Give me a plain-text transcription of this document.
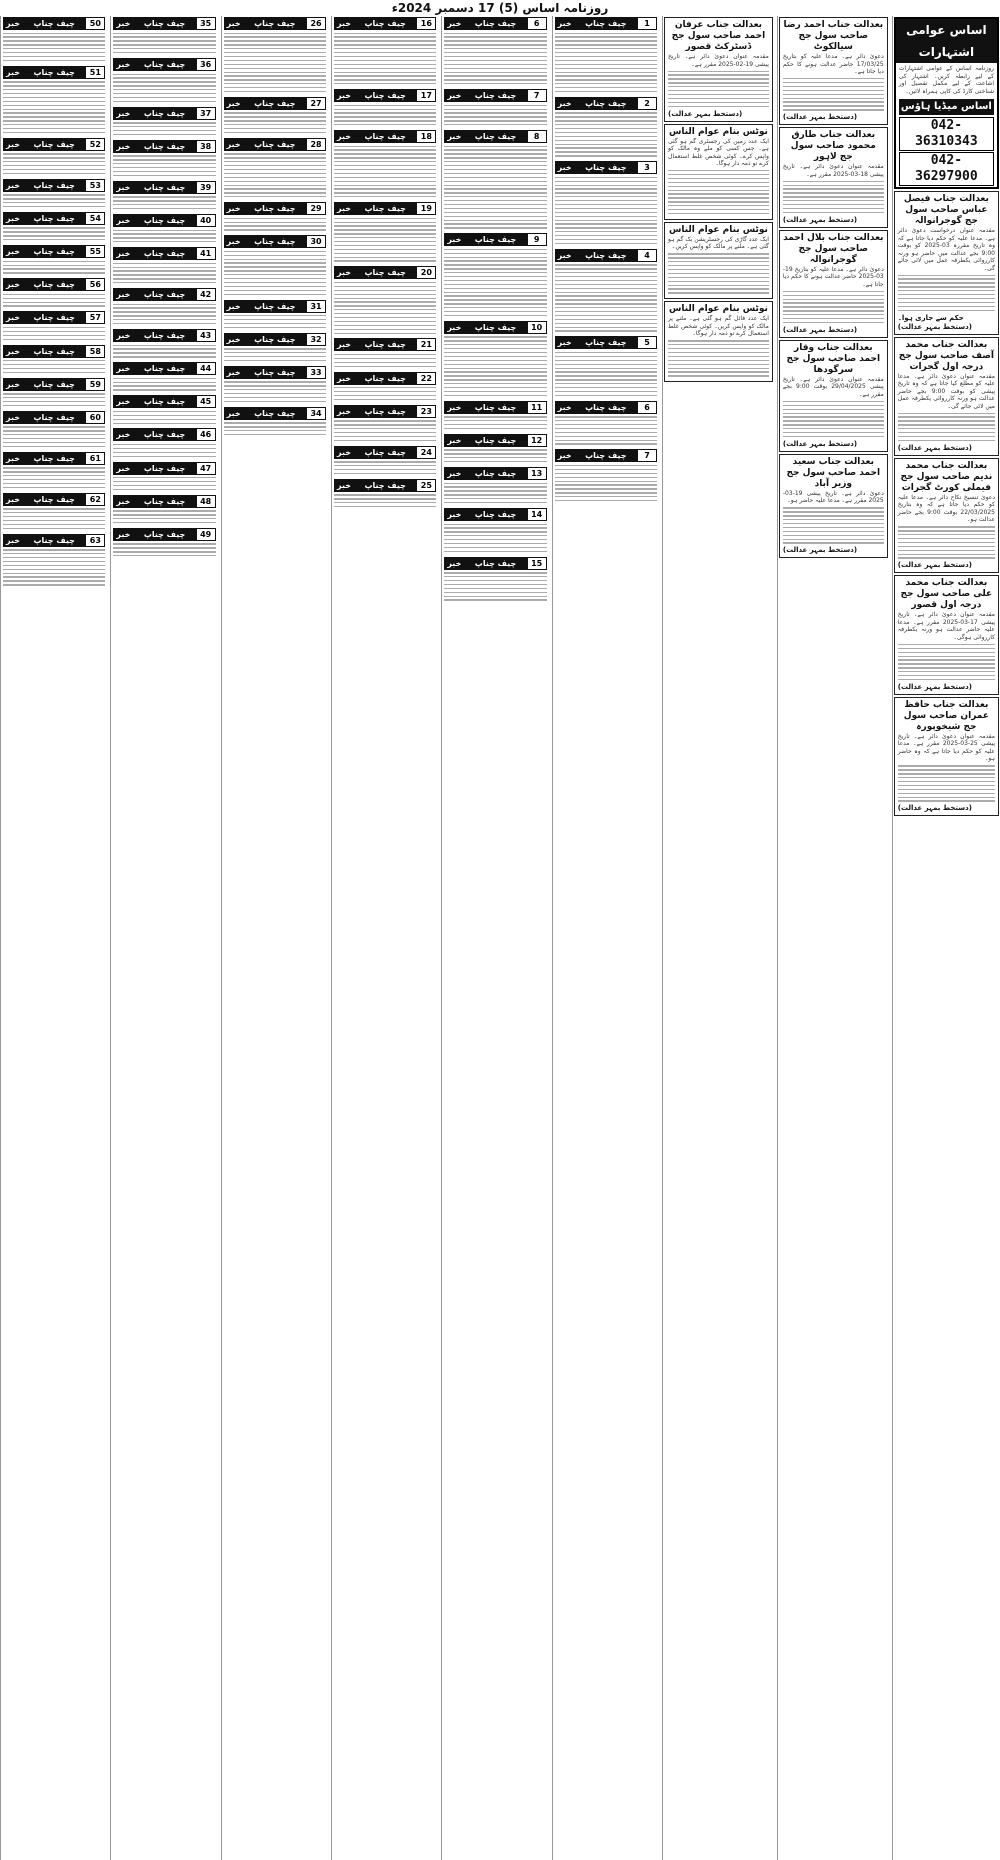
روزنامہ اساس (5) 17 دسمبر 2024ء
اساس عوامی اشتہارات
روزنامہ اساس کے عوامی اشتہارات کے لیے رابطہ کریں۔ اشتہار کی اشاعت کے لیے مکمل تفصیل اور شناختی کارڈ کی کاپی ہمراہ لائیں۔
اساس میڈیا ہاؤس
042-36310343
042-36297900
بعدالت جناب فیصل عباس صاحب سول جج گوجرانوالہ
مقدمہ عنوان درخواست دعویٰ دائر ہے۔ مدعا علیہ کو حکم دیا جاتا ہے کہ وہ تاریخ مقررہ 03-2025 کو بوقت 9:00 بجے عدالت میں حاضر ہو ورنہ کارروائی یکطرفہ عمل میں لائی جائے گی۔
حکم سے جاری ہوا۔ (دستخط بمہر عدالت)
بعدالت جناب محمد آصف صاحب سول جج درجہ اول گجرات
مقدمہ عنوان دعویٰ دائر ہے۔ مدعا علیہ کو مطلع کیا جاتا ہے کہ وہ تاریخ پیشی کو بوقت 9:00 بجے حاضر عدالت ہو ورنہ کارروائی یکطرفہ عمل میں لائی جائے گی۔
(دستخط بمہر عدالت)
بعدالت جناب محمد ندیم صاحب سول جج فیملی کورٹ گجرات
دعویٰ تنسیخ نکاح دائر ہے۔ مدعا علیہ کو حکم دیا جاتا ہے کہ وہ بتاریخ 22/03/2025 بوقت 9:00 بجے حاضر عدالت ہو۔
(دستخط بمہر عدالت)
بعدالت جناب محمد علی صاحب سول جج درجہ اول قصور
مقدمہ عنوان دعویٰ دائر ہے۔ تاریخ پیشی 17-03-2025 مقرر ہے۔ مدعا علیہ حاضر عدالت ہو ورنہ یکطرفہ کارروائی ہوگی۔
(دستخط بمہر عدالت)
بعدالت جناب حافظ عمران صاحب سول جج شیخوپورہ
مقدمہ عنوان دعویٰ دائر ہے۔ تاریخ پیشی 25-03-2025 مقرر ہے۔ مدعا علیہ کو حکم دیا جاتا ہے کہ وہ حاضر ہو۔
(دستخط بمہر عدالت)
بعدالت جناب احمد رضا صاحب سول جج سیالکوٹ
دعویٰ دائر ہے۔ مدعا علیہ کو بتاریخ 17/03/25 حاضر عدالت ہونے کا حکم دیا جاتا ہے۔
(دستخط بمہر عدالت)
بعدالت جناب طارق محمود صاحب سول جج لاہور
مقدمہ عنوان دعویٰ دائر ہے۔ تاریخ پیشی 18-03-2025 مقرر ہے۔
(دستخط بمہر عدالت)
بعدالت جناب بلال احمد صاحب سول جج گوجرانوالہ
دعویٰ دائر ہے۔ مدعا علیہ کو بتاریخ 19-03-2025 حاضر عدالت ہونے کا حکم دیا جاتا ہے۔
(دستخط بمہر عدالت)
بعدالت جناب وقار احمد صاحب سول جج سرگودھا
مقدمہ عنوان دعویٰ دائر ہے۔ تاریخ پیشی 29/04/2025 بوقت 9:00 بجے مقرر ہے۔
(دستخط بمہر عدالت)
بعدالت جناب سعید احمد صاحب سول جج وزیر آباد
دعویٰ دائر ہے۔ تاریخ پیشی 19-03-2025 مقرر ہے۔ مدعا علیہ حاضر ہو۔
(دستخط بمہر عدالت)
بعدالت جناب عرفان احمد صاحب سول جج ڈسٹرکٹ قصور
مقدمہ عنوان دعویٰ دائر ہے۔ تاریخ پیشی 19-02-2025 مقرر ہے۔
(دستخط بمہر عدالت)
نوٹس بنام عوام الناس
ایک عدد زمین کی رجسٹری گم ہو گئی ہے۔ جس کسی کو ملے وہ مالک کو واپس کرے۔ کوئی شخص غلط استعمال کرے تو ذمہ دار ہوگا۔
نوٹس بنام عوام الناس
ایک عدد گاڑی کی رجسٹریشن بک گم ہو گئی ہے۔ ملنے پر مالک کو واپس کریں۔
نوٹس بنام عوام الناس
ایک عدد فائل گم ہو گئی ہے۔ ملنے پر مالک کو واپس کریں۔ کوئی شخص غلط استعمال کرے تو ذمہ دار ہوگا۔
1
چیف چناپ
خبر
2
چیف چناپ
خبر
3
چیف چناپ
خبر
4
چیف چناپ
خبر
5
چیف چناپ
خبر
6
چیف چناپ
خبر
7
چیف چناپ
خبر
6
چیف چناپ
خبر
7
چیف چناپ
خبر
8
چیف چناپ
خبر
9
چیف چناپ
خبر
10
چیف چناپ
خبر
11
چیف چناپ
خبر
12
چیف چناپ
خبر
13
چیف چناپ
خبر
14
چیف چناپ
خبر
15
چیف چناپ
خبر
16
چیف چناپ
خبر
17
چیف چناپ
خبر
18
چیف چناپ
خبر
19
چیف چناپ
خبر
20
چیف چناپ
خبر
21
چیف چناپ
خبر
22
چیف چناپ
خبر
23
چیف چناپ
خبر
24
چیف چناپ
خبر
25
چیف چناپ
خبر
26
چیف چناپ
خبر
27
چیف چناپ
خبر
28
چیف چناپ
خبر
29
چیف چناپ
خبر
30
چیف چناپ
خبر
31
چیف چناپ
خبر
32
چیف چناپ
خبر
33
چیف چناپ
خبر
34
چیف چناپ
خبر
35
چیف چناپ
خبر
36
چیف چناپ
خبر
37
چیف چناپ
خبر
38
چیف چناپ
خبر
39
چیف چناپ
خبر
40
چیف چناپ
خبر
41
چیف چناپ
خبر
42
چیف چناپ
خبر
43
چیف چناپ
خبر
44
چیف چناپ
خبر
45
چیف چناپ
خبر
46
چیف چناپ
خبر
47
چیف چناپ
خبر
48
چیف چناپ
خبر
49
چیف چناپ
خبر
50
چیف چناپ
خبر
51
چیف چناپ
خبر
52
چیف چناپ
خبر
53
چیف چناپ
خبر
54
چیف چناپ
خبر
55
چیف چناپ
خبر
56
چیف چناپ
خبر
57
چیف چناپ
خبر
58
چیف چناپ
خبر
59
چیف چناپ
خبر
60
چیف چناپ
خبر
61
چیف چناپ
خبر
62
چیف چناپ
خبر
63
چیف چناپ
خبر
